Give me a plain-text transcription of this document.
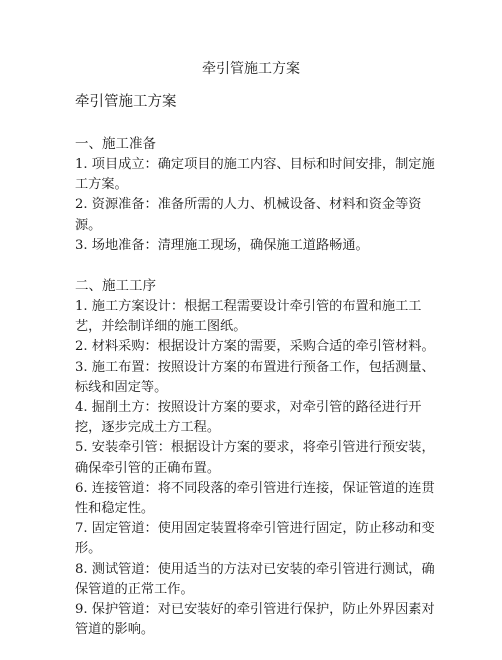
牵引管施工方案

牵引管施工方案

一、施工准备

1. 项目成立：确定项目的施工内容、目标和时间安排，制定施工方案。

2. 资源准备：准备所需的人力、机械设备、材料和资金等资源。

3. 场地准备：清理施工现场，确保施工道路畅通。

二、施工工序

1. 施工方案设计：根据工程需要设计牵引管的布置和施工工艺，并绘制详细的施工图纸。

2. 材料采购：根据设计方案的需要，采购合适的牵引管材料。

3. 施工布置：按照设计方案的布置进行预备工作，包括测量、标线和固定等。

4. 掘削土方：按照设计方案的要求，对牵引管的路径进行开挖，逐步完成土方工程。

5. 安装牵引管：根据设计方案的要求，将牵引管进行预安装，确保牵引管的正确布置。

6. 连接管道：将不同段落的牵引管进行连接，保证管道的连贯性和稳定性。

7. 固定管道：使用固定装置将牵引管进行固定，防止移动和变形。

8. 测试管道：使用适当的方法对已安装的牵引管进行测试，确保管道的正常工作。

9. 保护管道：对已安装好的牵引管进行保护，防止外界因素对管道的影响。
